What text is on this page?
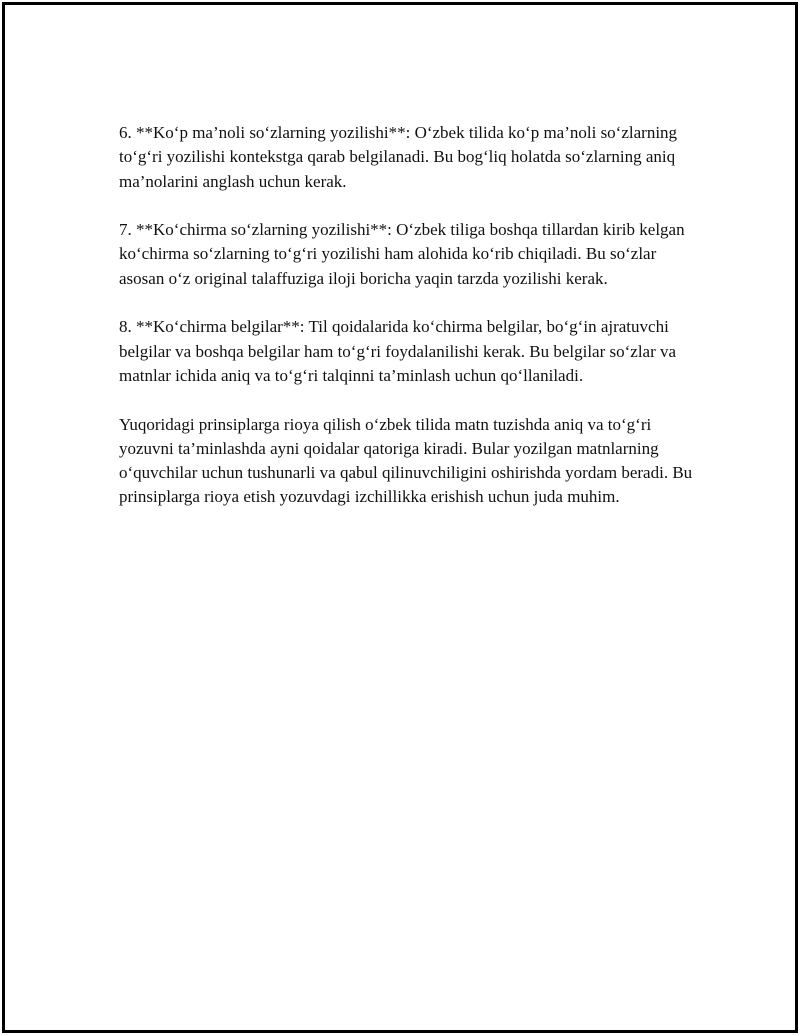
6. **Ko‘p ma’noli so‘zlarning yozilishi**: O‘zbek tilida ko‘p ma’noli so‘zlarning to‘g‘ri yozilishi kontekstga qarab belgilanadi. Bu bog‘liq holatda so‘zlarning aniq ma’nolarini anglash uchun kerak.

7. **Ko‘chirma so‘zlarning yozilishi**: O‘zbek tiliga boshqa tillardan kirib kelgan ko‘chirma so‘zlarning to‘g‘ri yozilishi ham alohida ko‘rib chiqiladi. Bu so‘zlar asosan o‘z original talaffuziga iloji boricha yaqin tarzda yozilishi kerak.

8. **Ko‘chirma belgilar**: Til qoidalarida ko‘chirma belgilar, bo‘g‘in ajratuvchi belgilar va boshqa belgilar ham to‘g‘ri foydalanilishi kerak. Bu belgilar so‘zlar va matnlar ichida aniq va to‘g‘ri talqinni ta’minlash uchun qo‘llaniladi.

Yuqoridagi prinsiplarga rioya qilish o‘zbek tilida matn tuzishda aniq va to‘g‘ri yozuvni ta’minlashda ayni qoidalar qatoriga kiradi. Bular yozilgan matnlarning o‘quvchilar uchun tushunarli va qabul qilinuvchiligini oshirishda yordam beradi. Bu prinsiplarga rioya etish yozuvdagi izchillikka erishish uchun juda muhim.
